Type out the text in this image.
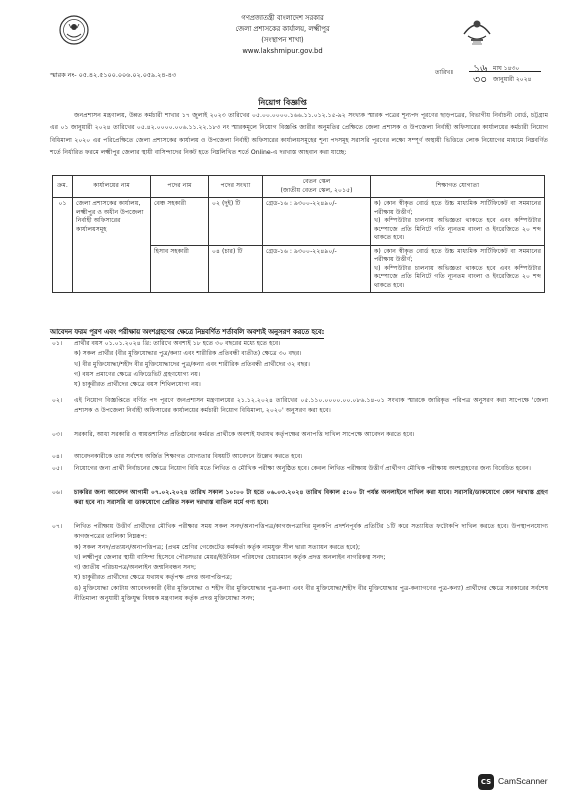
গণপ্রজাতন্ত্রী বাংলাদেশ সরকার
জেলা প্রশাসকের কার্যালয়, লক্ষ্মীপুর
(সংস্থাপন শাখা)
www.lakshmipur.gov.bd
স্মারক নং- ০৫.৪২.৫১০০.০০৬.০২.০৫৯.২৪-৪৩	তারিখঃ ১৬ মাঘ ১৪৩০
৩০ জানুয়ারী ২০২৪
নিয়োগ বিজ্ঞপ্তি

জনপ্রশাসন মন্ত্রণালয়, উন্নত কর্মচারী শাখার ১৭ জুলাই ২০২৩ তারিখের ০৫.০০.০০০০.১৬৬.১১.০১২.১৫-৯২ সংখ্যক স্মারক পত্রের শূন্যপদ পূরণের ছাড়পত্রের, বিভাগীয় নির্বাচনী বোর্ড, চট্টগ্রাম এর ০১ জানুয়ারী ২০২৪ তারিখের ০৫.৪২.০০০০.০০৬.১১.২২.১৮৩ নং স্মারকমূলে নিয়োগ বিজ্ঞপ্তি জারীর অনুমতির প্রেক্ষিতে জেলা প্রশাসক ও উপজেলা নির্বাহী অফিসারের কার্যালয়ের কর্মচারী নিয়োগ বিধিমালা ২০২০ এর পরিপ্রেক্ষিতে জেলা প্রশাসকের কার্যালয় ও উপজেলা নির্বাহী অফিসারের কার্যালয়সমূহের শূন্য পদসমূহ সরাসরি পূরণের লক্ষ্যে সম্পূর্ণ অস্থায়ী ভিত্তিতে লোক নিয়োগের মাধ্যমে নিম্নবর্ণিত শর্তে নির্ধারিত ফরমে লক্ষ্মীপুর জেলার স্থায়ী বাসিন্দাদের নিকট হতে নিম্নলিখিত শর্তে Online-এ দরখাস্ত আহবান করা যাচ্ছে:

ক্রম.	কার্যালয়ের নাম	পদের নাম	পদের সংখ্যা	বেতন স্কেল
(জাতীয় বেতন স্কেল, ২০১৫)	শিক্ষাগত যোগ্যতা
০১	জেলা প্রশাসকের কার্যালয়, লক্ষ্মীপুর ও অধীন উপজেলা নির্বাহী অফিসারের কার্যালয়সমূহ	বেঞ্চ সহকারী	০২ (দুই) টি	গ্রেড-১৬ : ৯৩০০-২২৪৯০/-	ক) কোন স্বীকৃত বোর্ড হতে উচ্চ মাধ্যমিক সার্টিফিকেট বা সমমানের পরীক্ষায় উত্তীর্ণ;
খ) কম্পিউটার চালনায় অভিজ্ঞতা থাকতে হবে এবং কম্পিউটার কম্পোজে প্রতি মিনিটে গতি ন্যূনতম বাংলা ও ইংরেজিতে ২০ শব্দ থাকতে হবে।
		হিসাব সহকারী	০৪ (চার) টি	গ্রেড-১৬ : ৯৩০০-২২৪৯০/-	ক) কোন স্বীকৃত বোর্ড হতে উচ্চ মাধ্যমিক সার্টিফিকেট বা সমমানের পরীক্ষায় উত্তীর্ণ;
খ) কম্পিউটার চালনায় অভিজ্ঞতা থাকতে হবে এবং কম্পিউটার কম্পোজে প্রতি মিনিটে গতি ন্যূনতম বাংলা ও ইংরেজিতে ২০ শব্দ থাকতে হবে।
আবেদন ফরম পূরণ এবং পরীক্ষায় অংশগ্রহণের ক্ষেত্রে নিম্নবর্ণিত শর্তাবলি অবশ্যই অনুসরণ করতে হবে:
০১। প্রার্থীর বয়স ০১.০১.২০২৪ খ্রি: তারিখে অবশ্যই ১৮ হতে ৩০ বছরের মধ্যে হতে হবে।
ক) সকল প্রার্থীর (বীর মুক্তিযোদ্ধার পুত্র/কন্যা এবং শারীরিক প্রতিবন্ধী ব্যতীত) ক্ষেত্রে ৩০ বছর।
খ) বীর মুক্তিযোদ্ধা/শহীদ বীর মুক্তিযোদ্ধাদের পুত্র/কন্যা এবং শারীরিক প্রতিবন্ধী প্রার্থীদের ৩২ বছর।
গ) বয়স প্রমাণের ক্ষেত্রে এফিডেভিট গ্রহণযোগ্য নয়।
ঘ) চাকুরীরত প্রার্থীদের ক্ষেত্রে বয়স শিথিলযোগ্য নয়।
০২। এই নিয়োগ বিজ্ঞপ্তিতে বর্ণিত পদ পূরণে জনপ্রশাসন মন্ত্রণালয়ের ২১.১২.২০২৪ তারিখের ০৫.১১০.০০০০.০০.০৮৬.১৪-০১ সংখ্যক স্মারকে জারিকৃত পরিপত্র অনুসরণ করা সাপেক্ষে 'জেলা প্রশাসক ও উপজেলা নির্বাহী অফিসারের কার্যালয়ের কর্মচারী নিয়োগ বিধিমালা, ২০২০' অনুসরণ করা হবে।
০৩। সরকারি, আধা সরকারি ও স্বায়ত্তশাসিত প্রতিষ্ঠানের কর্মরত প্রার্থীকে অবশ্যই যথাযথ কর্তৃপক্ষের অনাপত্তি দাখিল সাপেক্ষে আবেদন করতে হবে।
০৪। আবেদনকারীকে তার সর্বশেষ অর্জিত শিক্ষাগত যোগ্যতার বিষয়টি আবেদনে উল্লেখ করতে হবে।
০৫। নিয়োগের জন্য প্রার্থী নির্বাচনের ক্ষেত্রে নিয়োগ বিধি মতে লিখিত ও মৌখিক পরীক্ষা অনুষ্ঠিত হবে। কেবল লিখিত পরীক্ষায় উত্তীর্ণ প্রার্থীগণ মৌখিক পরীক্ষায় অংশগ্রহণের জন্য বিবেচিত হবেন।
০৬। চাকরির জন্য আবেদন আগামী ০৭.০২.২০২৪ তারিখ সকাল ১০:০০ টা হতে ০৬.০৩.২০২৪ তারিখ বিকাল ৫:০০ টা পর্যন্ত অনলাইনে দাখিল করা যাবে। সরাসরি/ডাকযোগে কোন দরখাস্ত গ্রহণ করা হবে না। সরাসরি বা ডাকযোগে প্রেরিত সকল দরখাস্ত বাতিল মর্মে গণ্য হবে।
০৭। লিখিত পরীক্ষায় উত্তীর্ণ প্রার্থীদের মৌখিক পরীক্ষার সময় সকল সনদ/অনাপত্তিপত্র/কাগজপত্রাদির মূলকপি প্রদর্শনপূর্বক প্রতিটির ১টি করে সত্যায়িত ফটোকপি দাখিল করতে হবে। উপস্থাপনযোগ্য কাগজপত্রের তালিকা নিম্নরূপ:
ক) সকল সনদ/প্রত্যয়ন/অনাপত্তিপত্র; (প্রথম শ্রেণির গেজেটেড কর্মকর্তা কর্তৃক নামযুক্ত সীল দ্বারা সত্যায়ন করতে হবে);
খ) লক্ষ্মীপুর জেলার স্থায়ী বাসিন্দা হিসেবে পৌরসভার মেয়র/ইউনিয়ন পরিষদের চেয়ারম্যান কর্তৃক প্রদত্ত অনলাইন নাগরিকত্ব সনদ;
গ) জাতীয় পরিচয়পত্র/অনলাইন জন্মনিবন্ধন সনদ;
ঘ) চাকুরীরত প্রার্থীদের ক্ষেত্রে যথাযথ কর্তৃপক্ষ প্রদত্ত অনাপত্তিপত্র;
ঙ) মুক্তিযোদ্ধা কোটায় আবেদনকারী (বীর মুক্তিযোদ্ধা ও শহীদ বীর মুক্তিযোদ্ধার পুত্র-কন্যা এবং বীর মুক্তিযোদ্ধা/শহীদ বীর মুক্তিযোদ্ধার পুত্র-কন্যাগণের পুত্র-কন্যা) প্রার্থীদের ক্ষেত্রে সরকারের সর্বশেষ নীতিমালা অনুযায়ী মুক্তিযুদ্ধ বিষয়ক মন্ত্রণালয় কর্তৃক প্রদত্ত মুক্তিযোদ্ধা সনদ;
CS CamScanner
